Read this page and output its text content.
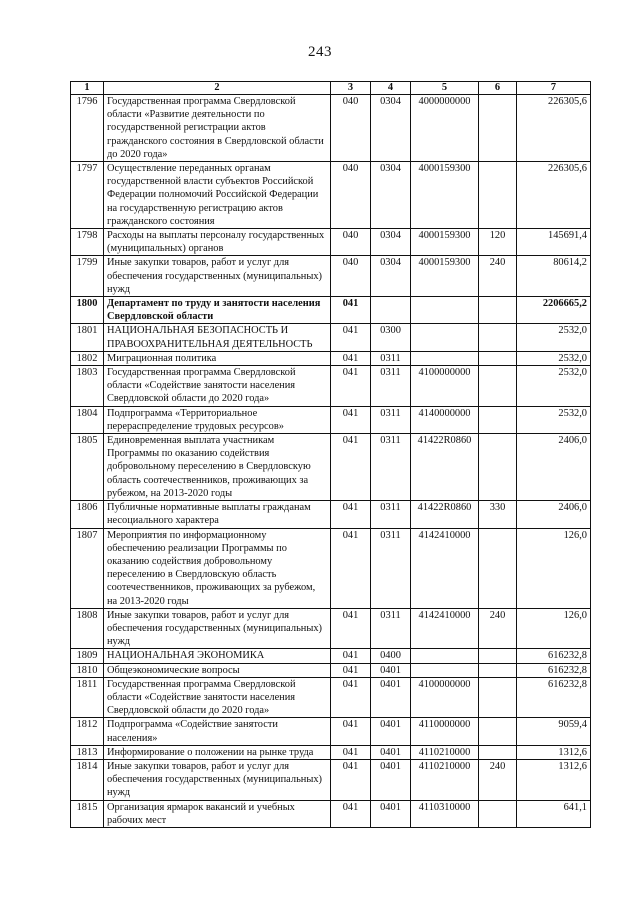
243
1	2	3	4	5	6	7
1796	Государственная программа Свердловской области «Развитие деятельности по государственной регистрации актов гражданского состояния в Свердловской области до 2020 года»	040	0304	4000000000		226305,6
1797	Осуществление переданных органам государственной власти субъектов Российской Федерации полномочий Российской Федерации на государственную регистрацию актов гражданского состояния	040	0304	4000159300		226305,6
1798	Расходы на выплаты персоналу государственных (муниципальных) органов	040	0304	4000159300	120	145691,4
1799	Иные закупки товаров, работ и услуг для обеспечения государственных (муниципальных) нужд	040	0304	4000159300	240	80614,2
1800	Департамент по труду и занятости населения Свердловской области	041				2206665,2
1801	НАЦИОНАЛЬНАЯ БЕЗОПАСНОСТЬ И ПРАВООХРАНИТЕЛЬНАЯ ДЕЯТЕЛЬНОСТЬ	041	0300			2532,0
1802	Миграционная политика	041	0311			2532,0
1803	Государственная программа Свердловской области «Содействие занятости населения Свердловской области до 2020 года»	041	0311	4100000000		2532,0
1804	Подпрограмма «Территориальное перераспределение трудовых ресурсов»	041	0311	4140000000		2532,0
1805	Единовременная выплата участникам Программы по оказанию содействия добровольному переселению в Свердловскую область соотечественников, проживающих за рубежом, на 2013-2020 годы	041	0311	41422R0860		2406,0
1806	Публичные нормативные выплаты гражданам несоциального характера	041	0311	41422R0860	330	2406,0
1807	Мероприятия по информационному обеспечению реализации Программы по оказанию содействия добровольному переселению в Свердловскую область соотечественников, проживающих за рубежом, на 2013-2020 годы	041	0311	4142410000		126,0
1808	Иные закупки товаров, работ и услуг для обеспечения государственных (муниципальных) нужд	041	0311	4142410000	240	126,0
1809	НАЦИОНАЛЬНАЯ ЭКОНОМИКА	041	0400			616232,8
1810	Общеэкономические вопросы	041	0401			616232,8
1811	Государственная программа Свердловской области «Содействие занятости населения Свердловской области до 2020 года»	041	0401	4100000000		616232,8
1812	Подпрограмма «Содействие занятости населения»	041	0401	4110000000		9059,4
1813	Информирование о положении на рынке труда	041	0401	4110210000		1312,6
1814	Иные закупки товаров, работ и услуг для обеспечения государственных (муниципальных) нужд	041	0401	4110210000	240	1312,6
1815	Организация ярмарок вакансий и учебных рабочих мест	041	0401	4110310000		641,1
